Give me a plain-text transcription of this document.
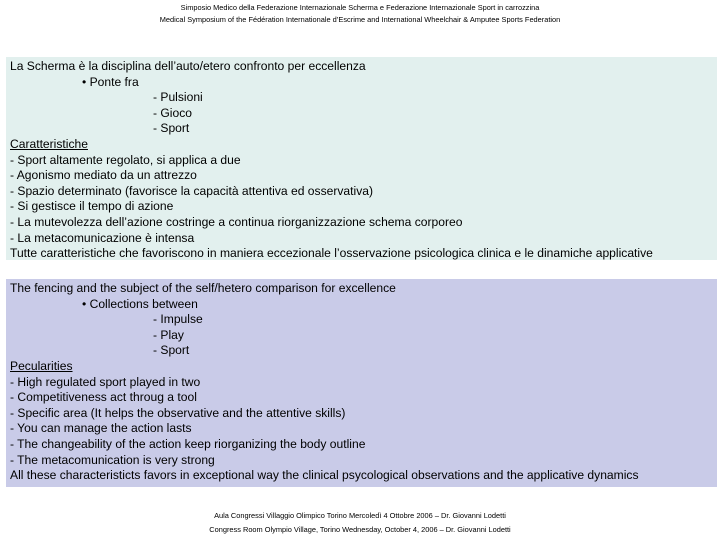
Simposio Medico della Federazione Internazionale Scherma e Federazione Internazionale Sport in carrozzina
Medical Symposium of the Fédération Internationale d’Escrime and International Wheelchair & Amputee Sports Federation
La Scherma è la disciplina dell’auto/etero confronto per eccellenza
• Ponte fra
- Pulsioni
- Gioco
- Sport
Caratteristiche
- Sport altamente regolato, si applica a due
- Agonismo mediato da un attrezzo
- Spazio determinato (favorisce la capacità attentiva ed osservativa)
- Si gestisce il tempo di azione
- La mutevolezza dell’azione costringe a continua riorganizzazione schema corporeo
- La metacomunicazione è intensa
Tutte caratteristiche che favoriscono in maniera eccezionale l’osservazione psicologica clinica e le dinamiche applicative
The fencing and the subject of the self/hetero comparison for excellence
• Collections between
- Impulse
- Play
- Sport
Pecularities
- High regulated sport played in two
- Competitiveness act throug a tool
- Specific area (It helps the observative and the attentive skills)
- You can manage the action lasts
- The changeability of the action keep riorganizing the body outline
- The metacomunication is very strong
All these characteristicts favors in exceptional way the clinical psycological observations and the applicative dynamics
Aula Congressi Villaggio Olimpico Torino Mercoledì 4 Ottobre 2006 – Dr. Giovanni Lodetti
Congress Room Olympio Village, Torino Wednesday, October 4, 2006 – Dr. Giovanni Lodetti
